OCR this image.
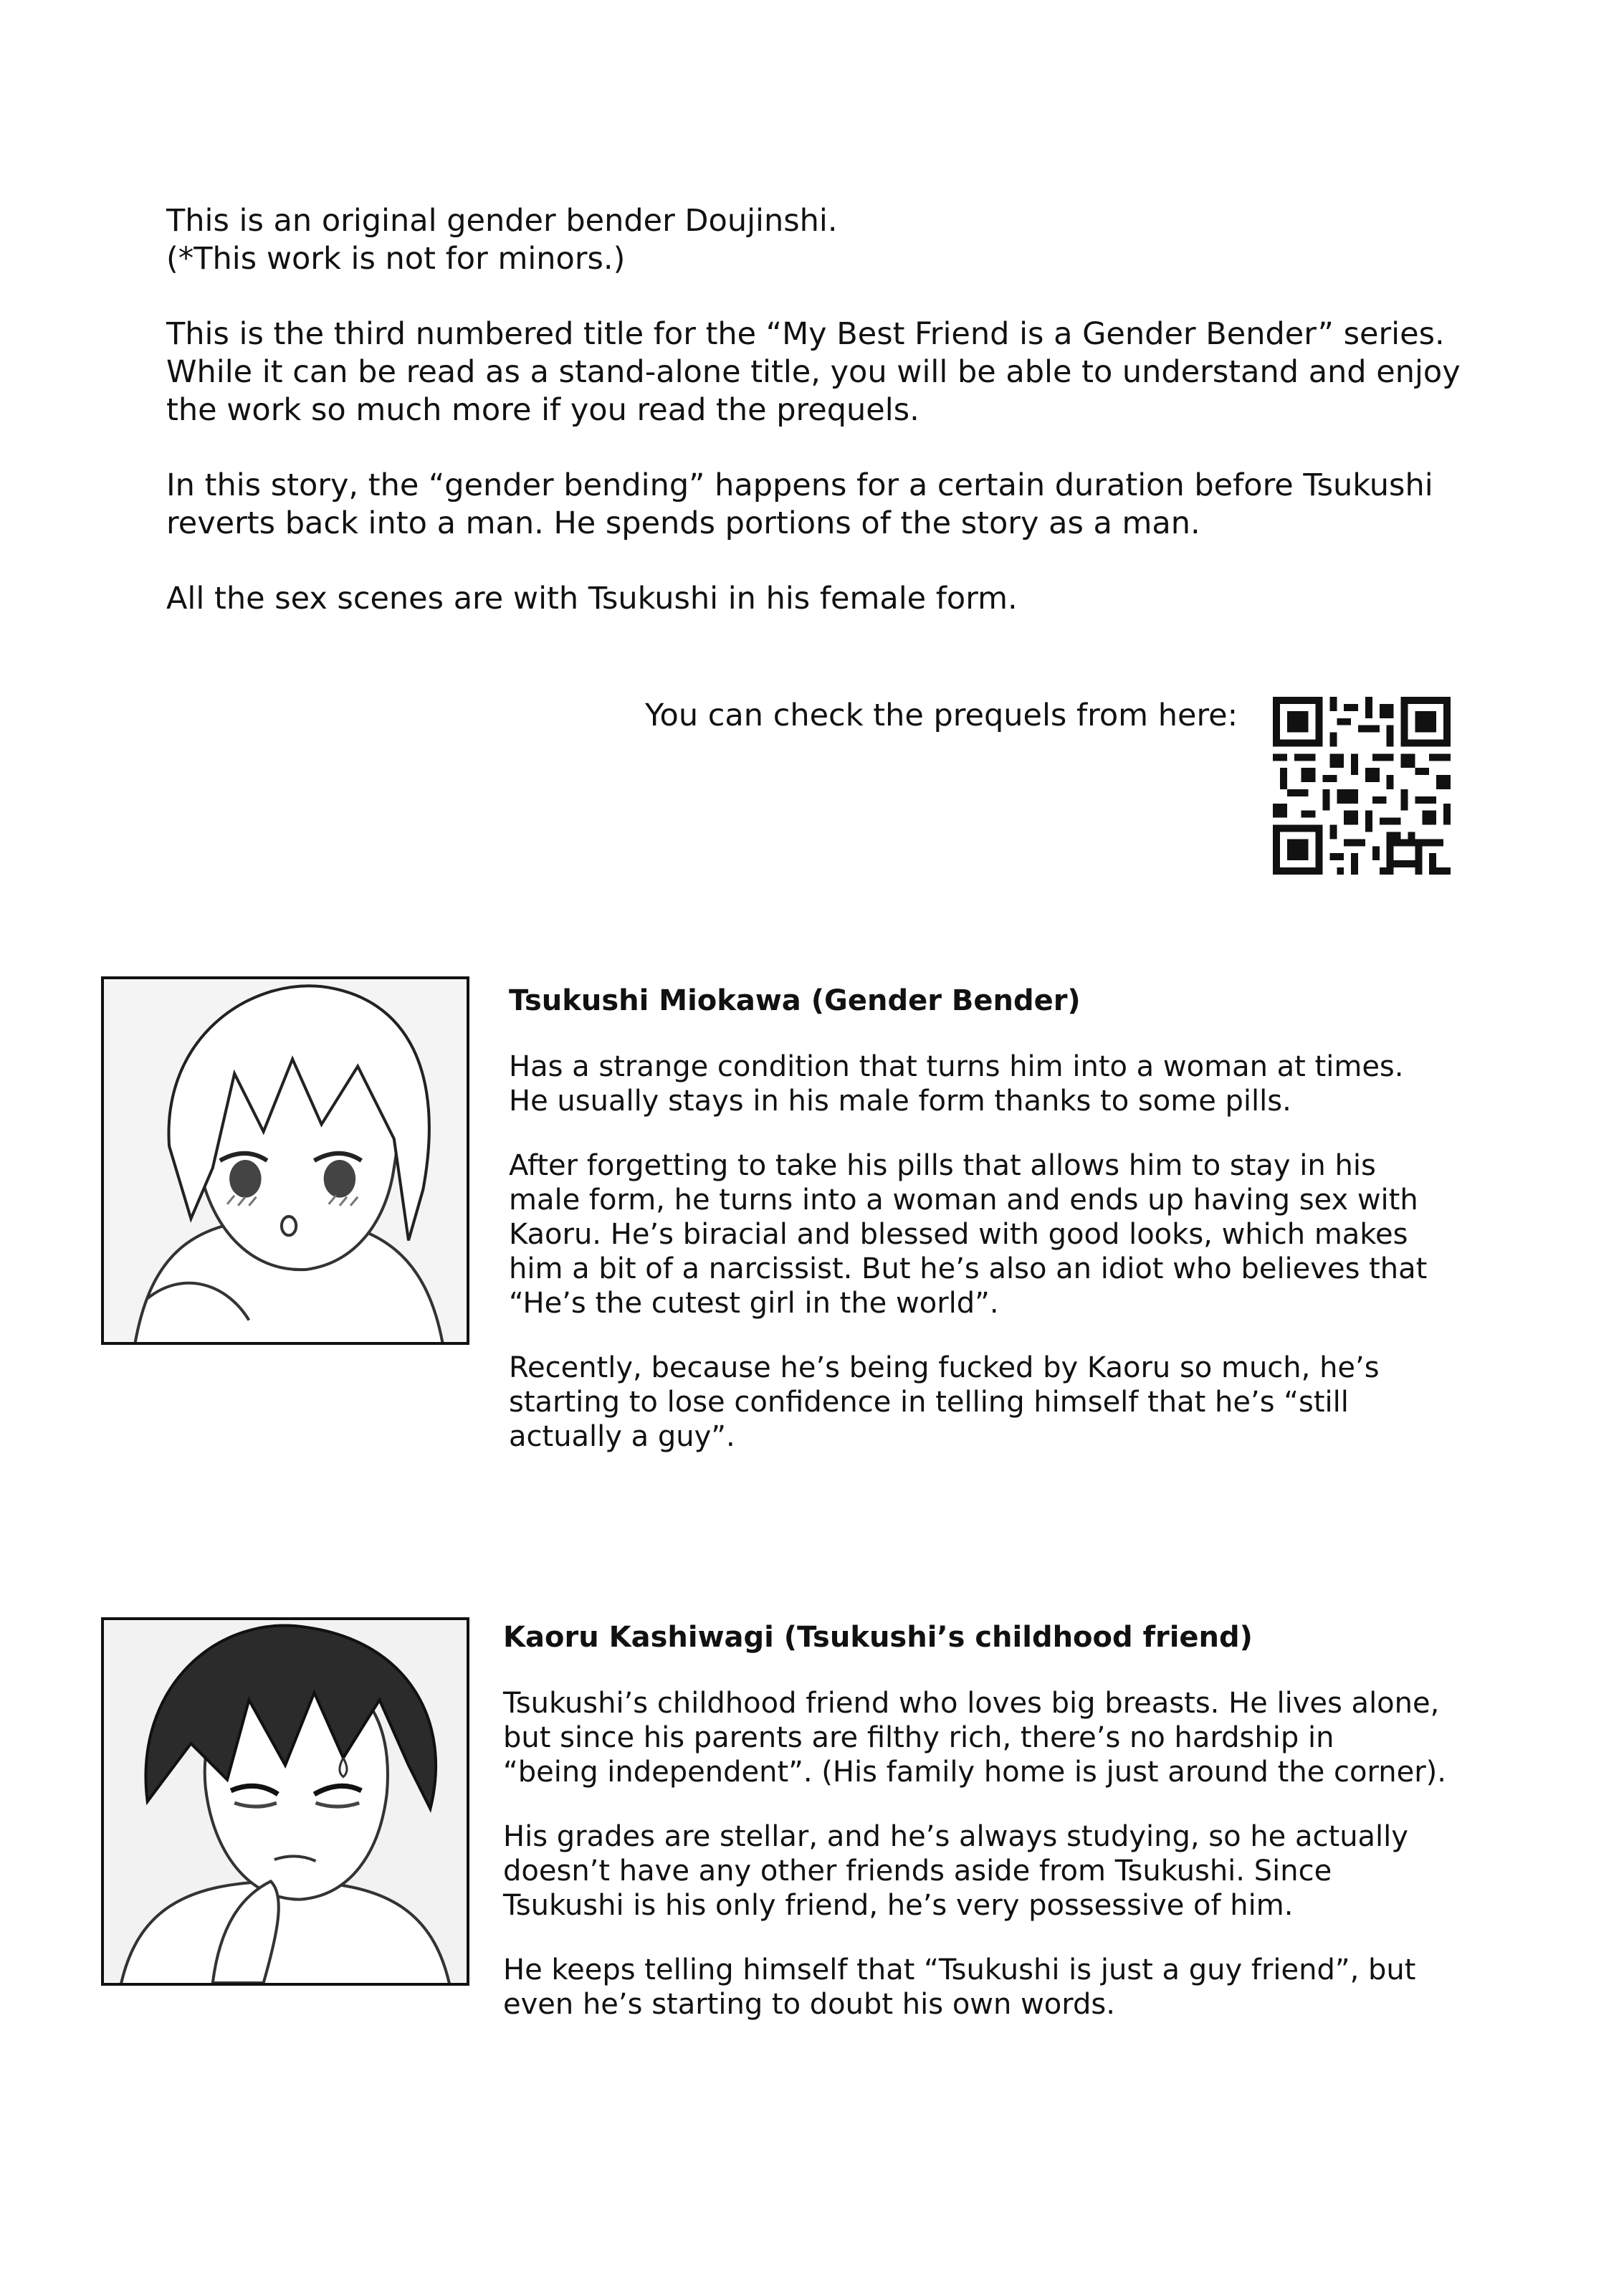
This is an original gender bender Doujinshi.
(*This work is not for minors.)

This is the third numbered title for the “My Best Friend is a Gender Bender” series.
While it can be read as a stand-alone title, you will be able to understand and enjoy
the work so much more if you read the prequels.

In this story, the “gender bending” happens for a certain duration before Tsukushi
reverts back into a man. He spends portions of the story as a man.

All the sex scenes are with Tsukushi in his female form.

You can check the prequels from here:
Tsukushi Miokawa (Gender Bender)

Has a strange condition that turns him into a woman at times.
He usually stays in his male form thanks to some pills.

After forgetting to take his pills that allows him to stay in his
male form, he turns into a woman and ends up having sex with
Kaoru. He’s biracial and blessed with good looks, which makes
him a bit of a narcissist. But he’s also an idiot who believes that
“He’s the cutest girl in the world”.

Recently, because he’s being fucked by Kaoru so much, he’s
starting to lose confidence in telling himself that he’s “still
actually a guy”.

Kaoru Kashiwagi (Tsukushi’s childhood friend)

Tsukushi’s childhood friend who loves big breasts. He lives alone,
but since his parents are filthy rich, there’s no hardship in
“being independent”. (His family home is just around the corner).

His grades are stellar, and he’s always studying, so he actually
doesn’t have any other friends aside from Tsukushi. Since
Tsukushi is his only friend, he’s very possessive of him.

He keeps telling himself that “Tsukushi is just a guy friend”, but
even he’s starting to doubt his own words.
